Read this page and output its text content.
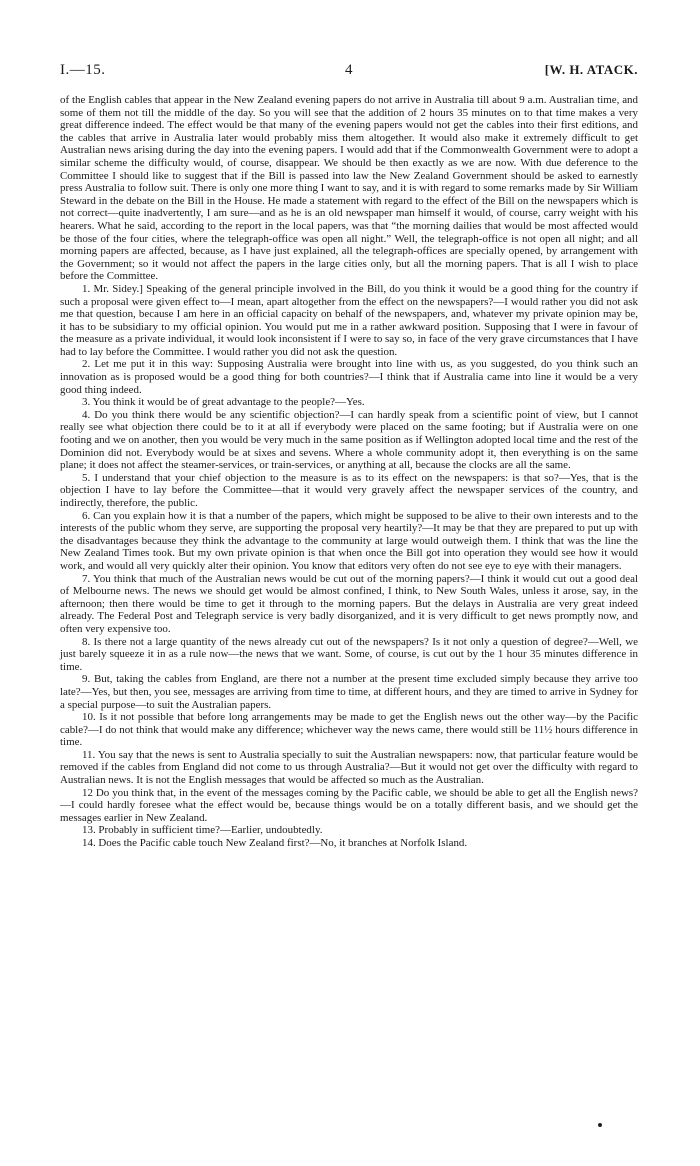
I.—15.	4	[W. H. ATACK.

of the English cables that appear in the New Zealand evening papers do not arrive in Australia till about 9 a.m. Australian time, and some of them not till the middle of the day. So you will see that the addition of 2 hours 35 minutes on to that time makes a very great difference indeed. The effect would be that many of the evening papers would not get the cables into their first editions, and the cables that arrive in Australia later would probably miss them altogether. It would also make it extremely difficult to get Australian news arising during the day into the evening papers. I would add that if the Commonwealth Government were to adopt a similar scheme the difficulty would, of course, disappear. We should be then exactly as we are now. With due deference to the Committee I should like to suggest that if the Bill is passed into law the New Zealand Government should be asked to earnestly press Australia to follow suit. There is only one more thing I want to say, and it is with regard to some remarks made by Sir William Steward in the debate on the Bill in the House. He made a statement with regard to the effect of the Bill on the newspapers which is not correct—quite inadvertently, I am sure—and as he is an old newspaper man himself it would, of course, carry weight with his hearers. What he said, according to the report in the local papers, was that “the morning dailies that would be most affected would be those of the four cities, where the telegraph-office was open all night.” Well, the telegraph-office is not open all night; and all morning papers are affected, because, as I have just explained, all the telegraph-offices are specially opened, by arrangement with the Government; so it would not affect the papers in the large cities only, but all the morning papers. That is all I wish to place before the Committee.

1. Mr. Sidey.] Speaking of the general principle involved in the Bill, do you think it would be a good thing for the country if such a proposal were given effect to—I mean, apart altogether from the effect on the newspapers?—I would rather you did not ask me that question, because I am here in an official capacity on behalf of the newspapers, and, whatever my private opinion may be, it has to be subsidiary to my official opinion. You would put me in a rather awkward position. Supposing that I were in favour of the measure as a private individual, it would look inconsistent if I were to say so, in face of the very grave circumstances that I have had to lay before the Committee. I would rather you did not ask the question.

2. Let me put it in this way: Supposing Australia were brought into line with us, as you suggested, do you think such an innovation as is proposed would be a good thing for both countries?—I think that if Australia came into line it would be a very good thing indeed.

3. You think it would be of great advantage to the people?—Yes.

4. Do you think there would be any scientific objection?—I can hardly speak from a scientific point of view, but I cannot really see what objection there could be to it at all if everybody were placed on the same footing; but if Australia were on one footing and we on another, then you would be very much in the same position as if Wellington adopted local time and the rest of the Dominion did not. Everybody would be at sixes and sevens. Where a whole community adopt it, then everything is on the same plane; it does not affect the steamer-services, or train-services, or anything at all, because the clocks are all the same.

5. I understand that your chief objection to the measure is as to its effect on the newspapers: is that so?—Yes, that is the objection I have to lay before the Committee—that it would very gravely affect the newspaper services of the country, and indirectly, therefore, the public.

6. Can you explain how it is that a number of the papers, which might be supposed to be alive to their own interests and to the interests of the public whom they serve, are supporting the proposal very heartily?—It may be that they are prepared to put up with the disadvantages because they think the advantage to the community at large would outweigh them. I think that was the line the New Zealand Times took. But my own private opinion is that when once the Bill got into operation they would see how it would work, and would all very quickly alter their opinion. You know that editors very often do not see eye to eye with their managers.

7. You think that much of the Australian news would be cut out of the morning papers?—I think it would cut out a good deal of Melbourne news. The news we should get would be almost confined, I think, to New South Wales, unless it arose, say, in the afternoon; then there would be time to get it through to the morning papers. But the delays in Australia are very great indeed already. The Federal Post and Telegraph service is very badly disorganized, and it is very difficult to get news promptly now, and often very expensive too.

8. Is there not a large quantity of the news already cut out of the newspapers? Is it not only a question of degree?—Well, we just barely squeeze it in as a rule now—the news that we want. Some, of course, is cut out by the 1 hour 35 minutes difference in time.

9. But, taking the cables from England, are there not a number at the present time excluded simply because they arrive too late?—Yes, but then, you see, messages are arriving from time to time, at different hours, and they are timed to arrive in Sydney for a special purpose—to suit the Australian papers.

10. Is it not possible that before long arrangements may be made to get the English news out the other way—by the Pacific cable?—I do not think that would make any difference; whichever way the news came, there would still be 11½ hours difference in time.

11. You say that the news is sent to Australia specially to suit the Australian newspapers: now, that particular feature would be removed if the cables from England did not come to us through Australia?—But it would not get over the difficulty with regard to Australian news. It is not the English messages that would be affected so much as the Australian.

12 Do you think that, in the event of the messages coming by the Pacific cable, we should be able to get all the English news?—I could hardly foresee what the effect would be, because things would be on a totally different basis, and we should get the messages earlier in New Zealand.

13. Probably in sufficient time?—Earlier, undoubtedly.

14. Does the Pacific cable touch New Zealand first?—No, it branches at Norfolk Island.
